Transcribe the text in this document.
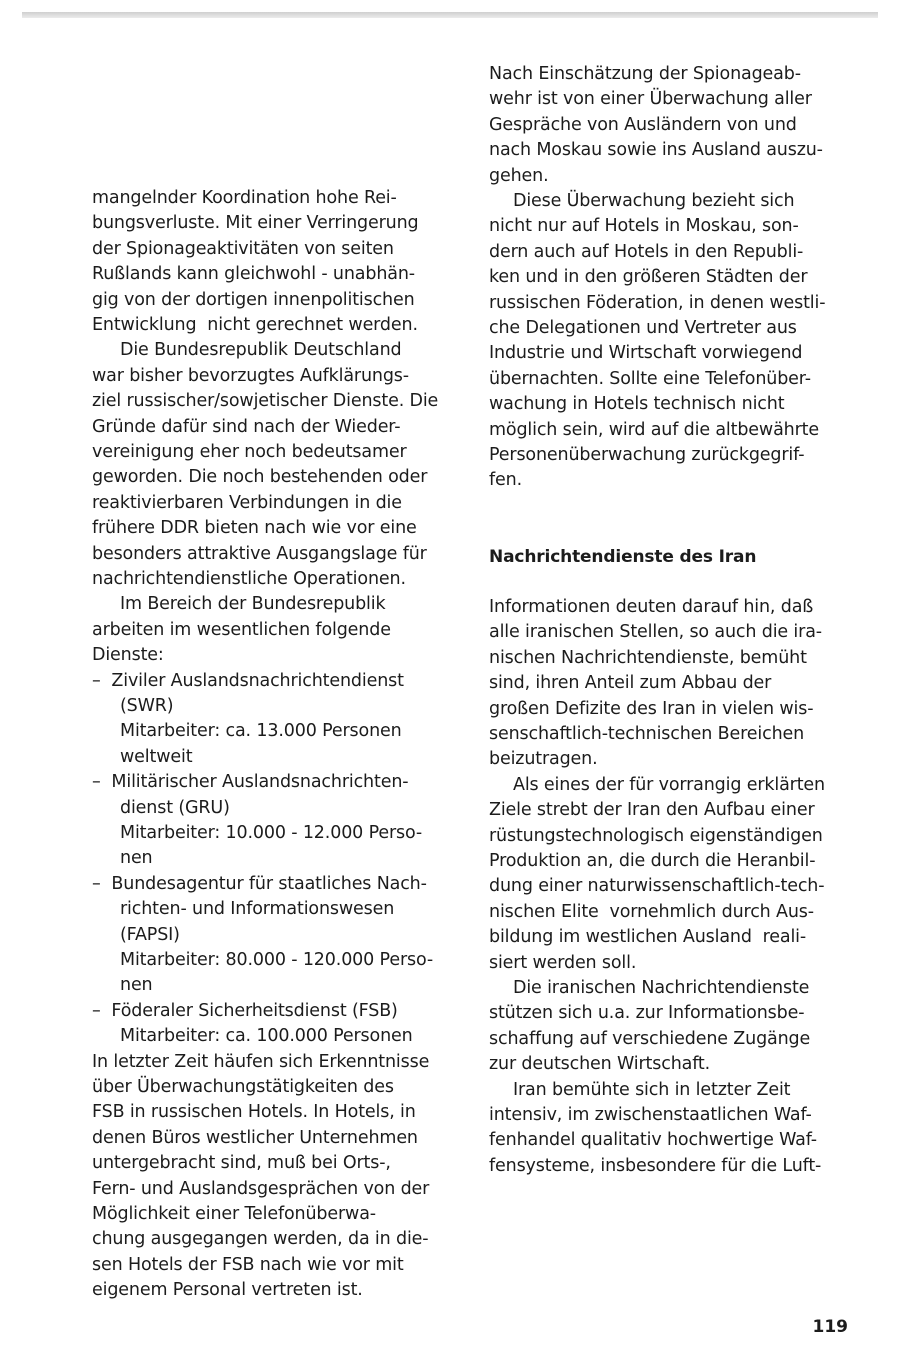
mangelnder Koordination hohe Rei-
bungsverluste. Mit einer Verringerung
der Spionageaktivitäten von seiten
Rußlands kann gleichwohl - unabhän-
gig von der dortigen innenpolitischen
Entwicklung  nicht gerechnet werden.
Die Bundesrepublik Deutschland
war bisher bevorzugtes Aufklärungs-
ziel russischer/sowjetischer Dienste. Die
Gründe dafür sind nach der Wieder-
vereinigung eher noch bedeutsamer
geworden. Die noch bestehenden oder
reaktivierbaren Verbindungen in die
frühere DDR bieten nach wie vor eine
besonders attraktive Ausgangslage für
nachrichtendienstliche Operationen.
Im Bereich der Bundesrepublik
arbeiten im wesentlichen folgende
Dienste:
–  Ziviler Auslandsnachrichtendienst
(SWR)
Mitarbeiter: ca. 13.000 Personen
weltweit
–  Militärischer Auslandsnachrichten-
dienst (GRU)
Mitarbeiter: 10.000 - 12.000 Perso-
nen
–  Bundesagentur für staatliches Nach-
richten- und Informationswesen
(FAPSI)
Mitarbeiter: 80.000 - 120.000 Perso-
nen
–  Föderaler Sicherheitsdienst (FSB)
Mitarbeiter: ca. 100.000 Personen
In letzter Zeit häufen sich Erkenntnisse
über Überwachungstätigkeiten des
FSB in russischen Hotels. In Hotels, in
denen Büros westlicher Unternehmen
untergebracht sind, muß bei Orts-,
Fern- und Auslandsgesprächen von der
Möglichkeit einer Telefonüberwa-
chung ausgegangen werden, da in die-
sen Hotels der FSB nach wie vor mit
eigenem Personal vertreten ist.
Nach Einschätzung der Spionageab-
wehr ist von einer Überwachung aller
Gespräche von Ausländern von und
nach Moskau sowie ins Ausland auszu-
gehen.
Diese Überwachung bezieht sich
nicht nur auf Hotels in Moskau, son-
dern auch auf Hotels in den Republi-
ken und in den größeren Städten der
russischen Föderation, in denen westli-
che Delegationen und Vertreter aus
Industrie und Wirtschaft vorwiegend
übernachten. Sollte eine Telefonüber-
wachung in Hotels technisch nicht
möglich sein, wird auf die altbewährte
Personenüberwachung zurückgegrif-
fen.
Nachrichtendienste des Iran
Informationen deuten darauf hin, daß
alle iranischen Stellen, so auch die ira-
nischen Nachrichtendienste, bemüht
sind, ihren Anteil zum Abbau der
großen Defizite des Iran in vielen wis-
senschaftlich-technischen Bereichen
beizutragen.
Als eines der für vorrangig erklärten
Ziele strebt der Iran den Aufbau einer
rüstungstechnologisch eigenständigen
Produktion an, die durch die Heranbil-
dung einer naturwissenschaftlich-tech-
nischen Elite  vornehmlich durch Aus-
bildung im westlichen Ausland  reali-
siert werden soll.
Die iranischen Nachrichtendienste
stützen sich u.a. zur Informationsbe-
schaffung auf verschiedene Zugänge
zur deutschen Wirtschaft.
Iran bemühte sich in letzter Zeit
intensiv, im zwischenstaatlichen Waf-
fenhandel qualitativ hochwertige Waf-
fensysteme, insbesondere für die Luft-
119
